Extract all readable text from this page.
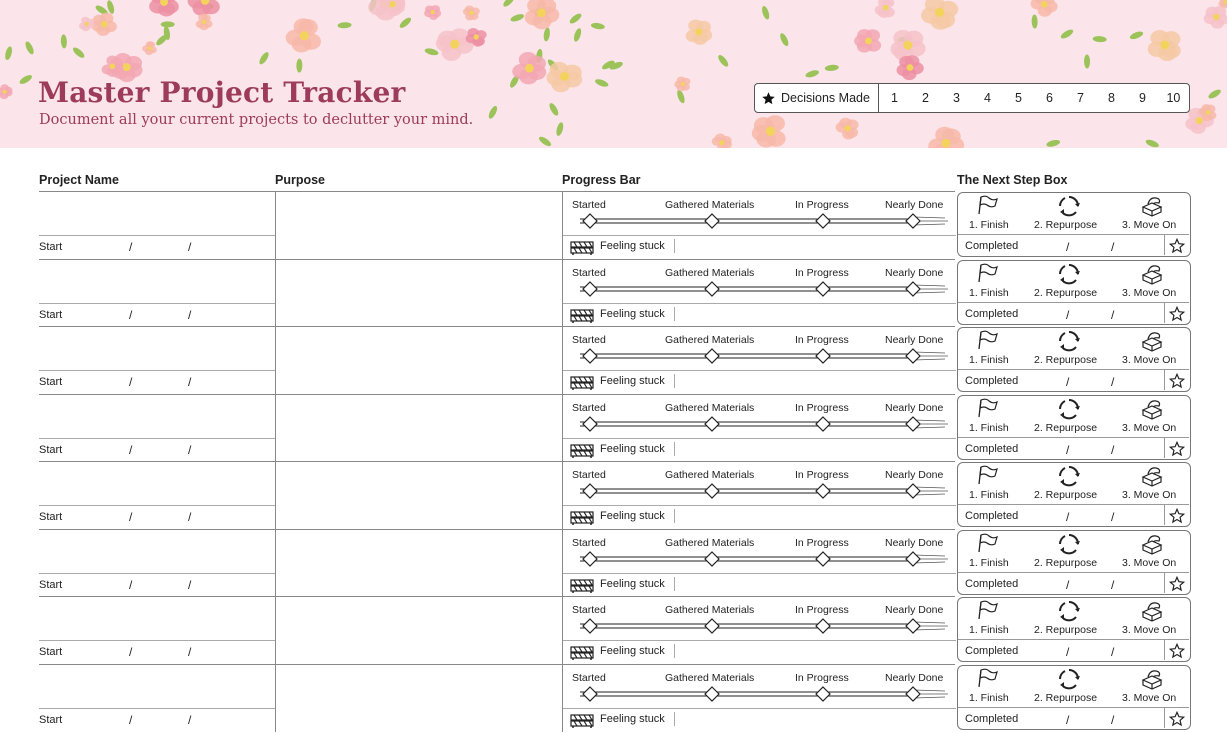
Master Project Tracker
Document all your current projects to declutter your mind.
Decisions Made	1	2	3	4	5	6	7	8	9	10
Project Name	Purpose	Progress Bar	The Next Step Box
Start	/	/
Started	Gathered Materials	In Progress	Nearly Done
Feeling stuck
1. Finish 2. Repurpose 3. Move On
Completed	/	/
Start	/	/
Started	Gathered Materials	In Progress	Nearly Done
Feeling stuck
1. Finish 2. Repurpose 3. Move On
Completed	/	/
Start	/	/
Started	Gathered Materials	In Progress	Nearly Done
Feeling stuck
1. Finish 2. Repurpose 3. Move On
Completed	/	/
Start	/	/
Started	Gathered Materials	In Progress	Nearly Done
Feeling stuck
1. Finish 2. Repurpose 3. Move On
Completed	/	/
Start	/	/
Started	Gathered Materials	In Progress	Nearly Done
Feeling stuck
1. Finish 2. Repurpose 3. Move On
Completed	/	/
Start	/	/
Started	Gathered Materials	In Progress	Nearly Done
Feeling stuck
1. Finish 2. Repurpose 3. Move On
Completed	/	/
Start	/	/
Started	Gathered Materials	In Progress	Nearly Done
Feeling stuck
1. Finish 2. Repurpose 3. Move On
Completed	/	/
Start	/	/
Started	Gathered Materials	In Progress	Nearly Done
Feeling stuck
1. Finish 2. Repurpose 3. Move On
Completed	/	/
